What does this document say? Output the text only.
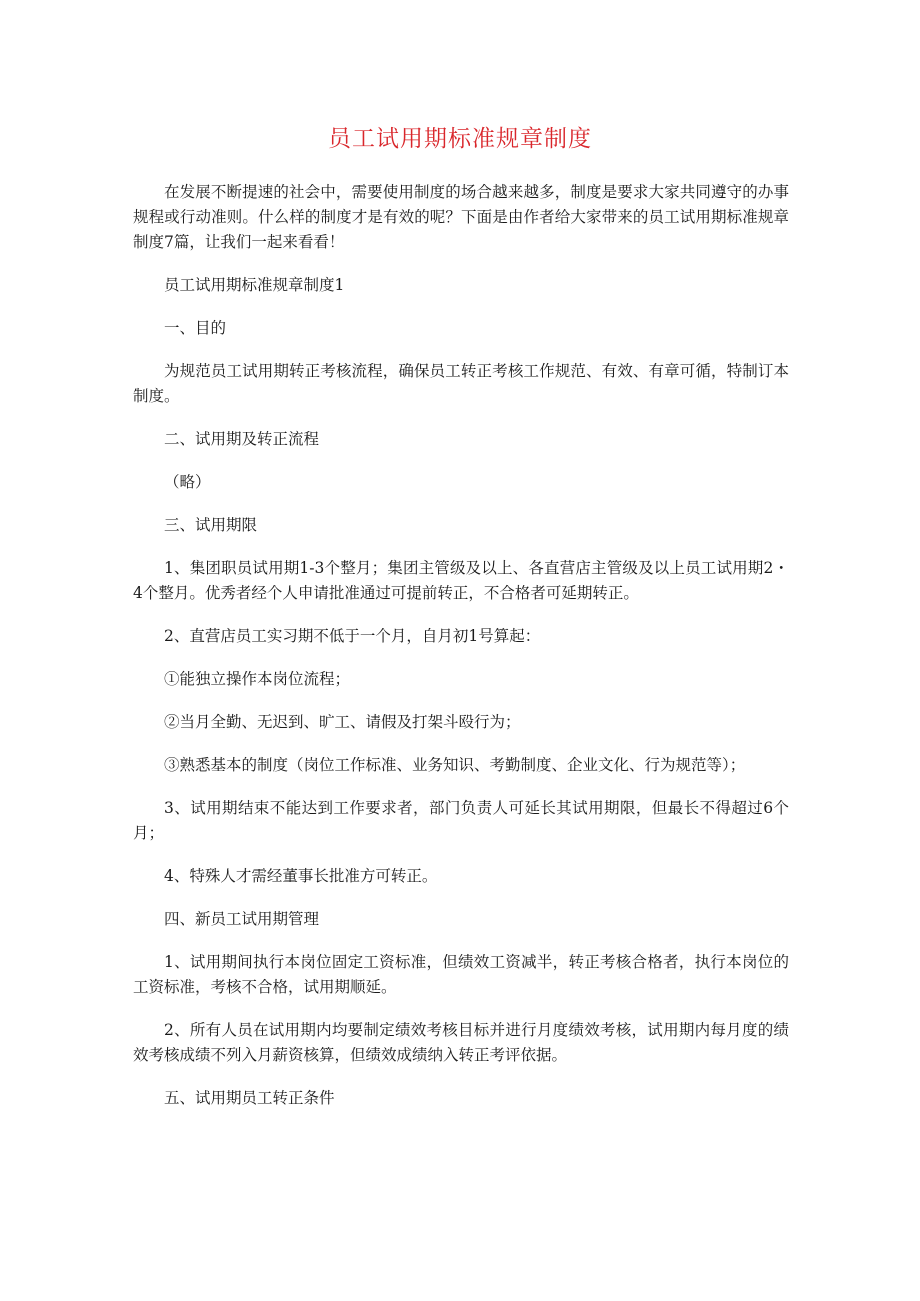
员工试用期标准规章制度

在发展不断提速的社会中，需要使用制度的场合越来越多，制度是要求大家共同遵守的办事规程或行动准则。什么样的制度才是有效的呢？下面是由作者给大家带来的员工试用期标准规章制度7篇，让我们一起来看看！

员工试用期标准规章制度1

一、目的

为规范员工试用期转正考核流程，确保员工转正考核工作规范、有效、有章可循，特制订本制度。

二、试用期及转正流程

（略）

三、试用期限

1、集团职员试用期1-3个整月；集团主管级及以上、各直营店主管级及以上员工试用期2・4个整月。优秀者经个人申请批准通过可提前转正，不合格者可延期转正。

2、直营店员工实习期不低于一个月，自月初1号算起：

①能独立操作本岗位流程；

②当月全勤、无迟到、旷工、请假及打架斗殴行为；

③熟悉基本的制度（岗位工作标准、业务知识、考勤制度、企业文化、行为规范等）；

3、试用期结束不能达到工作要求者，部门负责人可延长其试用期限，但最长不得超过6个月；

4、特殊人才需经董事长批准方可转正。

四、新员工试用期管理

1、试用期间执行本岗位固定工资标准，但绩效工资减半，转正考核合格者，执行本岗位的工资标准，考核不合格，试用期顺延。

2、所有人员在试用期内均要制定绩效考核目标并进行月度绩效考核，试用期内每月度的绩效考核成绩不列入月薪资核算，但绩效成绩纳入转正考评依据。

五、试用期员工转正条件
